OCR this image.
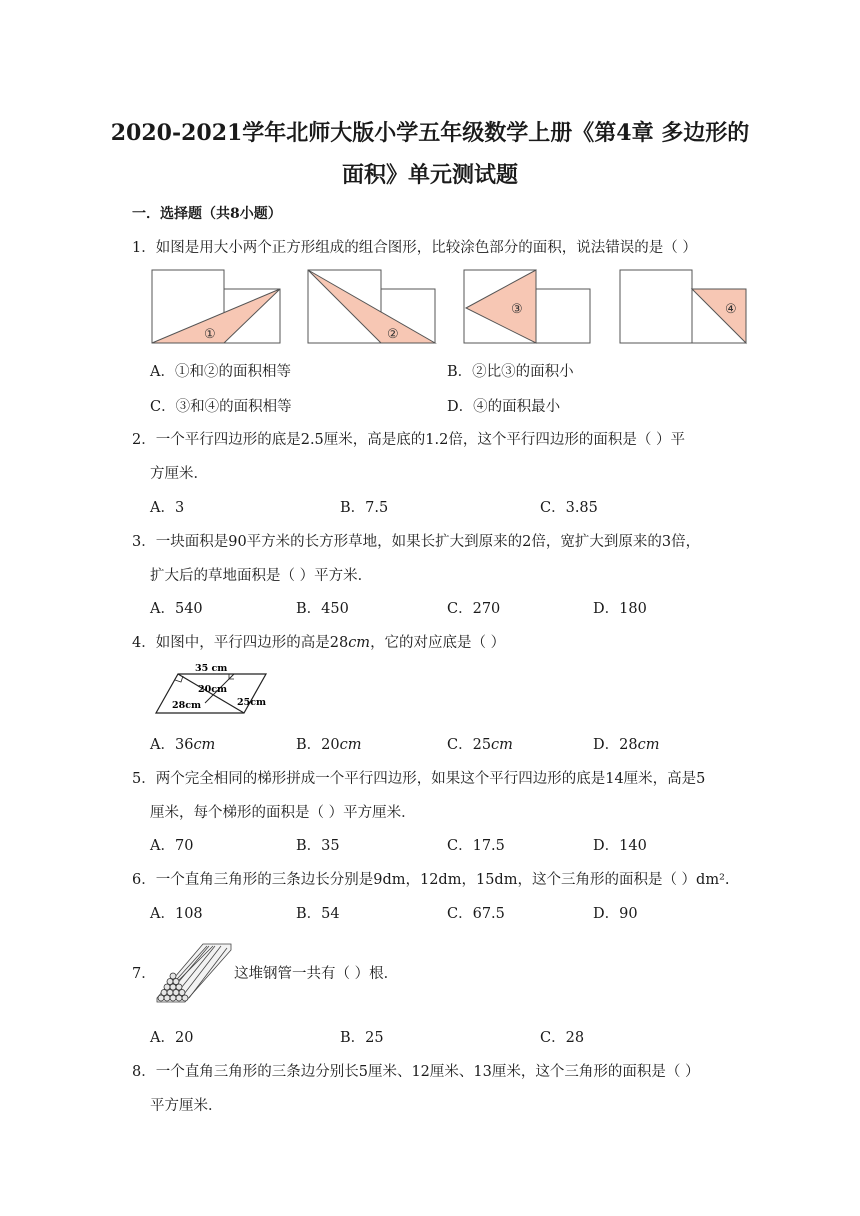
2020-2021学年北师大版小学五年级数学上册《第4章 多边形的
面积》单元测试题
一．选择题（共8小题）
1．如图是用大小两个正方形组成的组合图形，比较涂色部分的面积，说法错误的是（ ）
①	②
③	④
A．①和②的面积相等	B．②比③的面积小
C．③和④的面积相等	D．④的面积最小
2．一个平行四边形的底是2.5厘米，高是底的1.2倍，这个平行四边形的面积是（ ）平
方厘米．
A．3	B．7.5	C．3.85
3．一块面积是90平方米的长方形草地，如果长扩大到原来的2倍，宽扩大到原来的3倍，
扩大后的草地面积是（ ）平方米．
A．540	B．450	C．270	D．180
4．如图中，平行四边形的高是28cm，它的对应底是（ ）
35 cm
20cm
28cm	25cm
A．36cm	B．20cm	C．25cm	D．28cm
5．两个完全相同的梯形拼成一个平行四边形，如果这个平行四边形的底是14厘米，高是5
厘米，每个梯形的面积是（ ）平方厘米．
A．70	B．35	C．17.5	D．140
6．一个直角三角形的三条边长分别是9dm，12dm，15dm，这个三角形的面积是（ ）dm².
A．108	B．54	C．67.5	D．90
7．	这堆钢管一共有（ ）根．
A．20	B．25	C．28
8．一个直角三角形的三条边分别长5厘米、12厘米、13厘米，这个三角形的面积是（ ）
平方厘米．
